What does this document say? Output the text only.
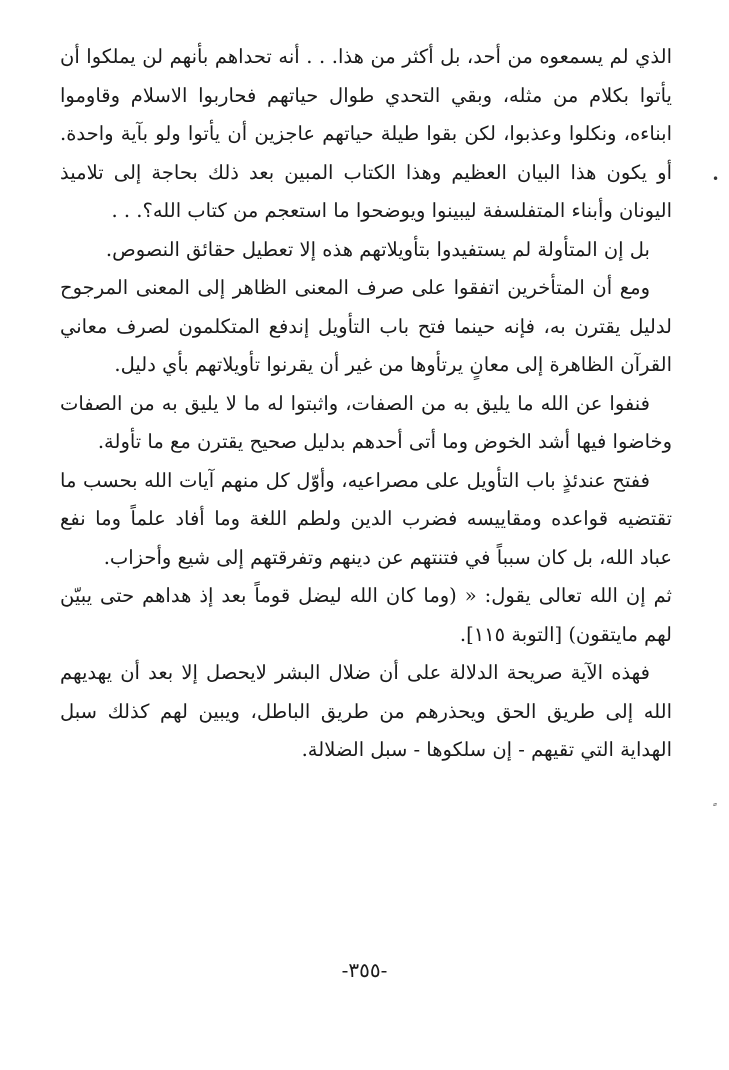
الذي لم يسمعوه من أحد، بل أكثر من هذا. . . أنه تحداهم بأنهم لن يملكوا أن يأتوا بكلام من مثله، وبقي التحدي طوال حياتهم فحاربوا الاسلام وقاوموا ابناءه، ونكلوا وعذبوا، لكن بقوا طيلة حياتهم عاجزين أن يأتوا ولو بآية واحدة. أو يكون هذا البيان العظيم وهذا الكتاب المبين بعد ذلك بحاجة إلى تلاميذ اليونان وأبناء المتفلسفة ليبينوا ويوضحوا ما استعجم من كتاب الله؟. . .

بل إن المتأولة لم يستفيدوا بتأويلاتهم هذه إلا تعطيل حقائق النصوص.

ومع أن المتأخرين اتفقوا على صرف المعنى الظاهر إلى المعنى المرجوح لدليل يقترن به، فإنه حينما فتح باب التأويل إندفع المتكلمون لصرف معاني القرآن الظاهرة إلى معانٍ يرتأوها من غير أن يقرنوا تأويلاتهم بأي دليل.

فنفوا عن الله ما يليق به من الصفات، واثبتوا له ما لا يليق به من الصفات وخاضوا فيها أشد الخوض وما أتى أحدهم بدليل صحيح يقترن مع ما تأولة.

ففتح عندئذٍ باب التأويل على مصراعيه، وأوّل كل منهم آيات الله بحسب ما تقتضيه قواعده ومقاييسه فضرب الدين ولطم اللغة وما أفاد علماً وما نفع عباد الله، بل كان سبباً في فتنتهم عن دينهم وتفرقتهم إلى شيع وأحزاب.

ثم إن الله تعالى يقول: « (وما كان الله ليضل قوماً بعد إذ هداهم حتى يبيّن لهم مايتقون) [التوبة ١١٥].

فهذه الآية صريحة الدلالة على أن ضلال البشر لايحصل إلا بعد أن يهديهم الله إلى طريق الحق ويحذرهم من طريق الباطل، ويبين لهم كذلك سبل الهداية التي تقيهم - إن سلكوها - سبل الضلالة.

•
-٣٥٥-
